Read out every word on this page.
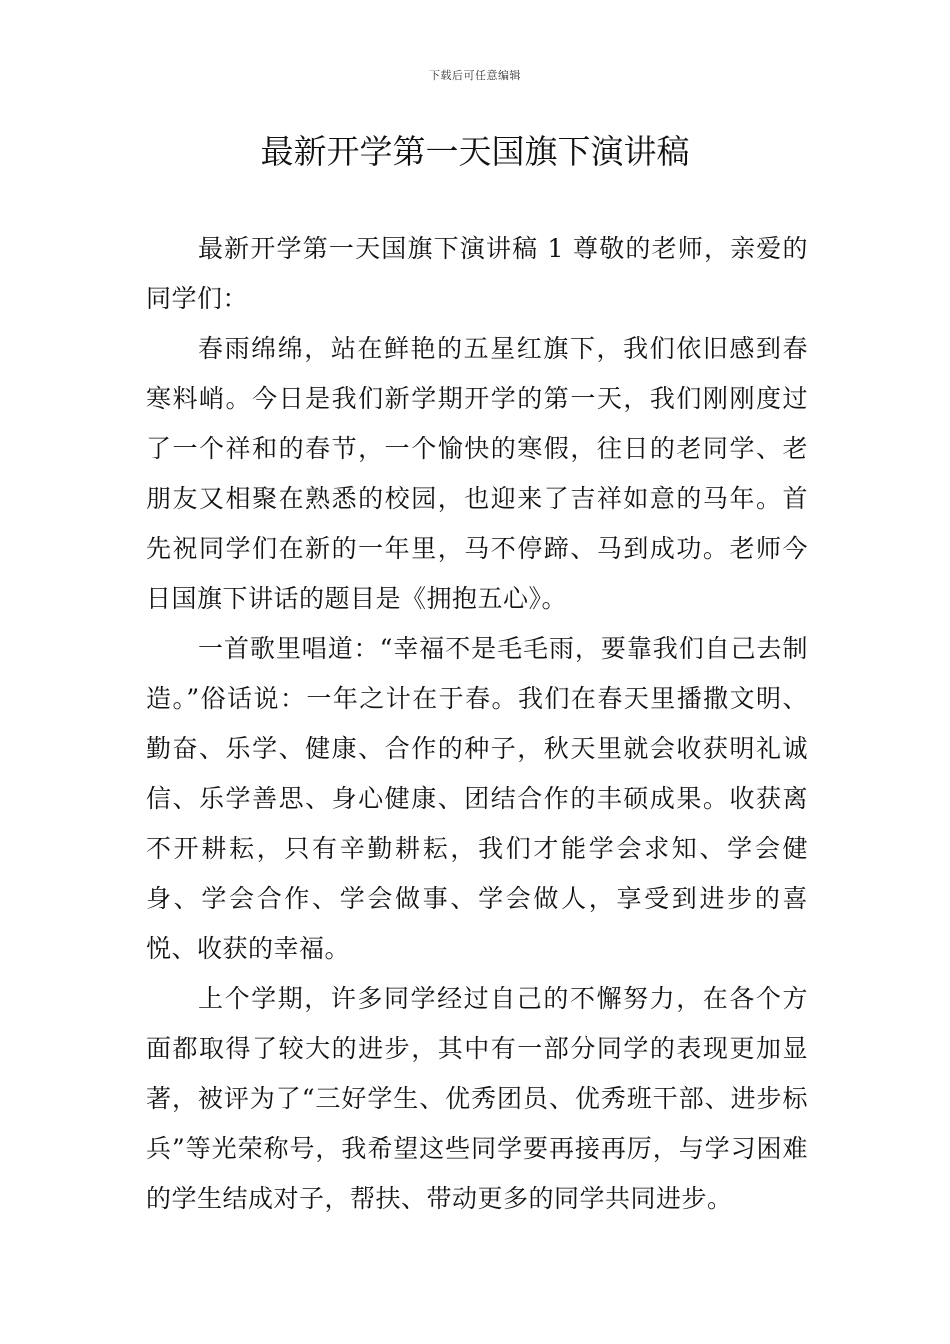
下载后可任意编辑
最新开学第一天国旗下演讲稿

最新开学第一天国旗下演讲稿 1 尊敬的老师，亲爱的同学们：

春雨绵绵，站在鲜艳的五星红旗下，我们依旧感到春寒料峭。今日是我们新学期开学的第一天，我们刚刚度过了一个祥和的春节，一个愉快的寒假，往日的老同学、老朋友又相聚在熟悉的校园，也迎来了吉祥如意的马年。首先祝同学们在新的一年里，马不停蹄、马到成功。老师今日国旗下讲话的题目是《拥抱五心》。

一首歌里唱道：“幸福不是毛毛雨，要靠我们自己去制造。”俗话说：一年之计在于春。我们在春天里播撒文明、勤奋、乐学、健康、合作的种子，秋天里就会收获明礼诚信、乐学善思、身心健康、团结合作的丰硕成果。收获离不开耕耘，只有辛勤耕耘，我们才能学会求知、学会健身、学会合作、学会做事、学会做人，享受到进步的喜悦、收获的幸福。

上个学期，许多同学经过自己的不懈努力，在各个方面都取得了较大的进步，其中有一部分同学的表现更加显著，被评为了“三好学生、优秀团员、优秀班干部、进步标兵”等光荣称号，我希望这些同学要再接再厉，与学习困难的学生结成对子，帮扶、带动更多的同学共同进步。
